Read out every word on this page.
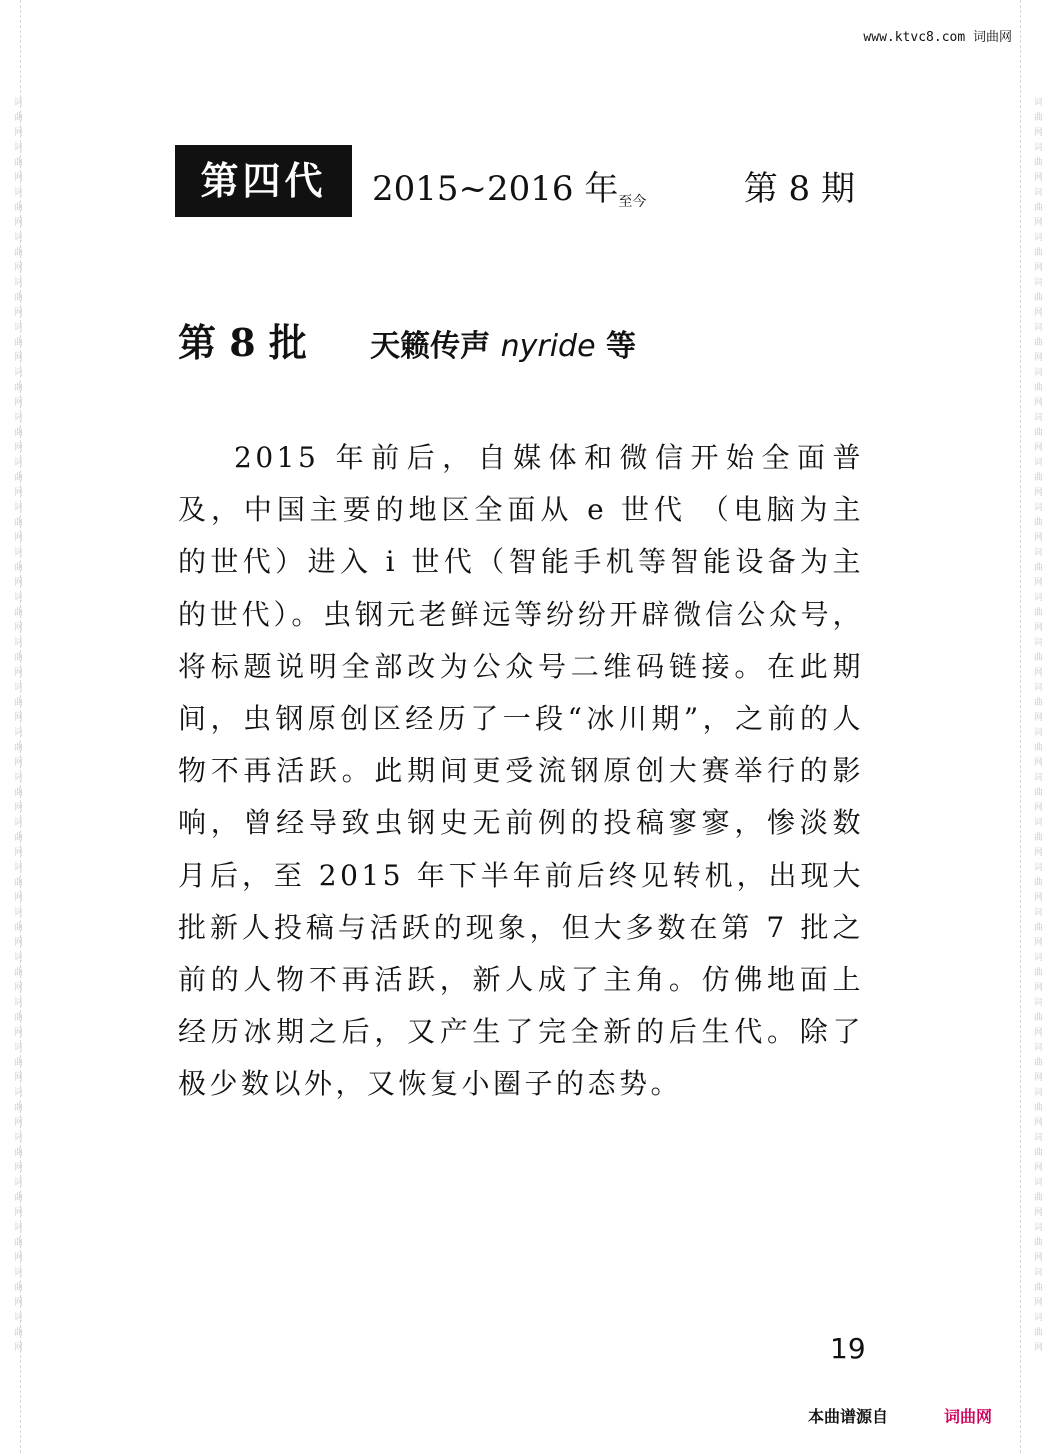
词曲网词曲网词曲网词曲网词曲网词曲网词曲网词曲网词曲网词曲网词曲网词曲网词曲网词曲网词曲网词曲网词曲网词曲网词曲网词曲网词曲网词曲网词曲网词曲网词曲网词曲网词曲网词曲网	词曲网词曲网词曲网词曲网词曲网词曲网词曲网词曲网词曲网词曲网词曲网词曲网词曲网词曲网词曲网词曲网词曲网词曲网词曲网词曲网词曲网词曲网词曲网词曲网词曲网词曲网词曲网词曲网
www.ktvc8.com 词曲网
第四代	2015~2016 年至今	第 8 期
第 8 批 天籁传声 nyride 等
2015 年前后，自媒体和微信开始全面普及，中国主要的地区全面从 e 世代 （电脑为主的世代）进入 i 世代（智能手机等智能设备为主的世代）。虫钢元老鲜远等纷纷开辟微信公众号，将标题说明全部改为公众号二维码链接。在此期间，虫钢原创区经历了一段“冰川期”，之前的人物不再活跃。此期间更受流钢原创大赛举行的影响，曾经导致虫钢史无前例的投稿寥寥，惨淡数月后，至 2015 年下半年前后终见转机，出现大批新人投稿与活跃的现象，但大多数在第 7 批之前的人物不再活跃，新人成了主角。仿佛地面上经历冰期之后，又产生了完全新的后生代。除了极少数以外，又恢复小圈子的态势。
19
本曲谱源自	词曲网
